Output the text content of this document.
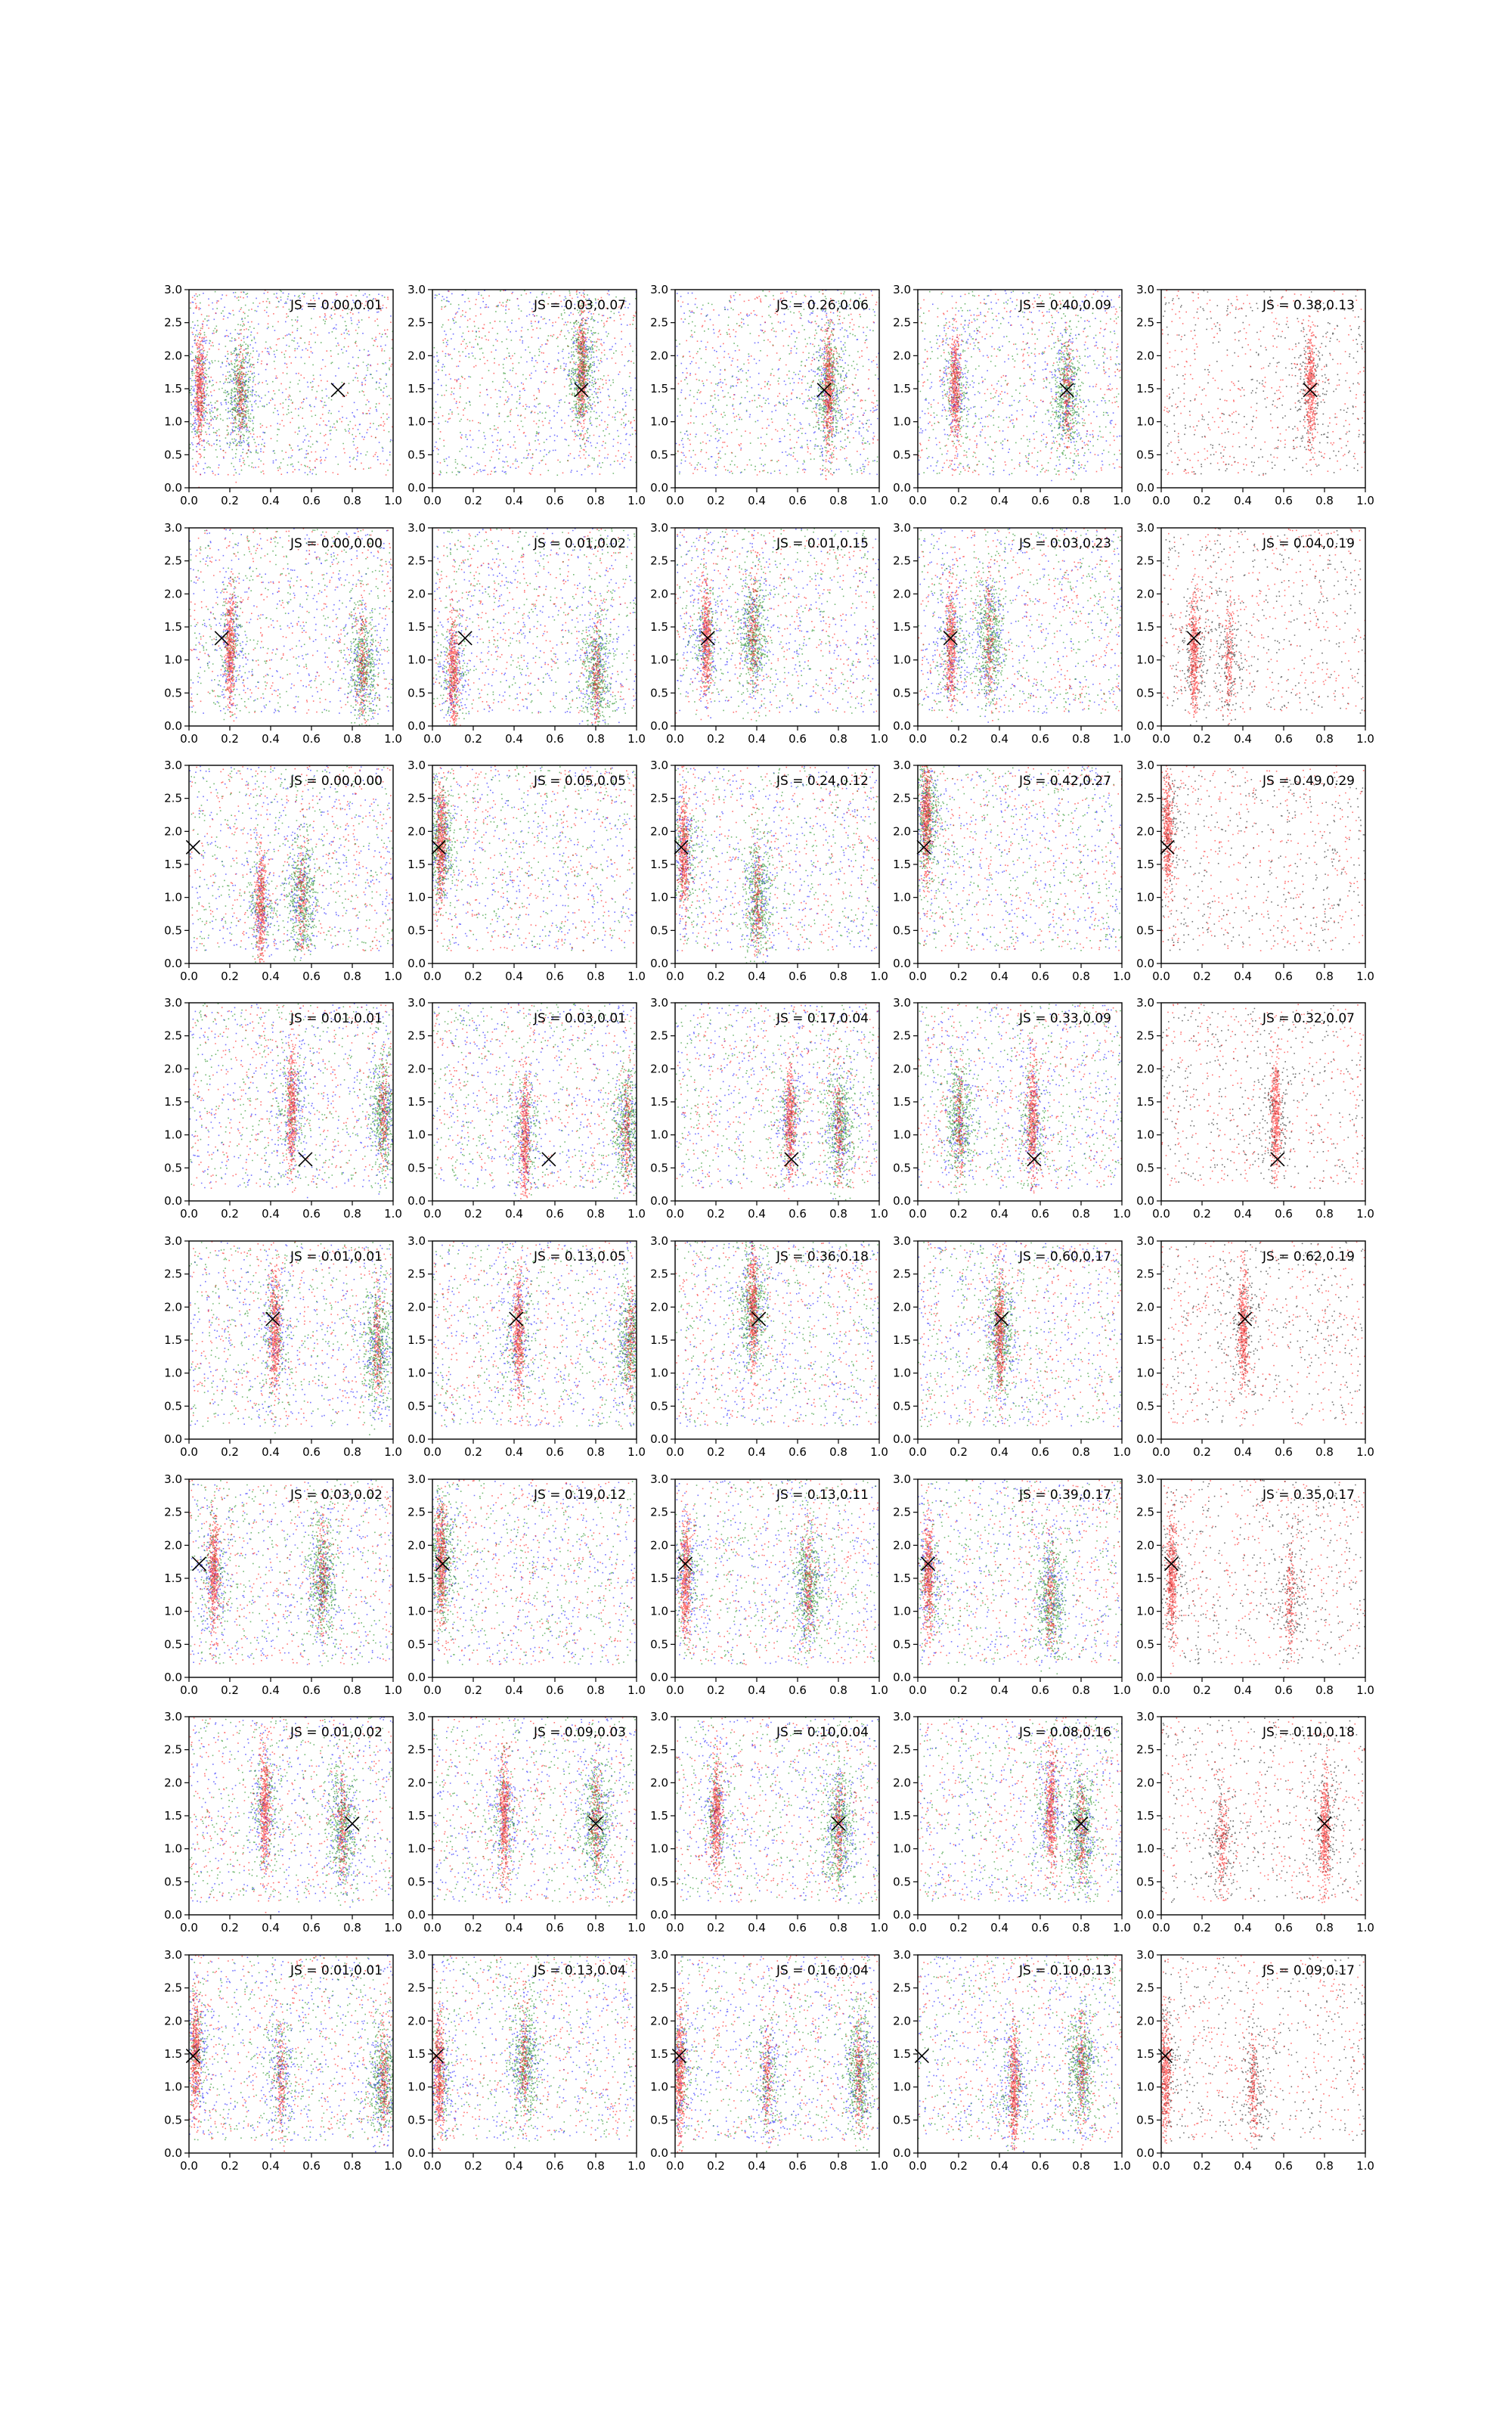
0.0 0.2 0.4 0.6 0.8 1.0
0.0
0.5
1.0
1.5
2.0
2.5
3.0
JS = 0.00,0.01
0.0 0.2 0.4 0.6 0.8 1.0
0.0
0.5
1.0
1.5
2.0
2.5
3.0
JS = 0.03,0.07
0.0 0.2 0.4 0.6 0.8 1.0
0.0
0.5
1.0
1.5
2.0
2.5
3.0
JS = 0.26,0.06
0.0 0.2 0.4 0.6 0.8 1.0
0.0
0.5
1.0
1.5
2.0
2.5
3.0
JS = 0.40,0.09
0.0 0.2 0.4 0.6 0.8 1.0
0.0
0.5
1.0
1.5
2.0
2.5
3.0
JS = 0.38,0.13
0.0 0.2 0.4 0.6 0.8 1.0
0.0
0.5
1.0
1.5
2.0
2.5
3.0
JS = 0.00,0.00
0.0 0.2 0.4 0.6 0.8 1.0
0.0
0.5
1.0
1.5
2.0
2.5
3.0
JS = 0.01,0.02
0.0 0.2 0.4 0.6 0.8 1.0
0.0
0.5
1.0
1.5
2.0
2.5
3.0
JS = 0.01,0.15
0.0 0.2 0.4 0.6 0.8 1.0
0.0
0.5
1.0
1.5
2.0
2.5
3.0
JS = 0.03,0.23
0.0 0.2 0.4 0.6 0.8 1.0
0.0
0.5
1.0
1.5
2.0
2.5
3.0
JS = 0.04,0.19
0.0 0.2 0.4 0.6 0.8 1.0
0.0
0.5
1.0
1.5
2.0
2.5
3.0
JS = 0.00,0.00
0.0 0.2 0.4 0.6 0.8 1.0
0.0
0.5
1.0
1.5
2.0
2.5
3.0
JS = 0.05,0.05
0.0 0.2 0.4 0.6 0.8 1.0
0.0
0.5
1.0
1.5
2.0
2.5
3.0
JS = 0.24,0.12
0.0 0.2 0.4 0.6 0.8 1.0
0.0
0.5
1.0
1.5
2.0
2.5
3.0
JS = 0.42,0.27
0.0 0.2 0.4 0.6 0.8 1.0
0.0
0.5
1.0
1.5
2.0
2.5
3.0
JS = 0.49,0.29
0.0 0.2 0.4 0.6 0.8 1.0
0.0
0.5
1.0
1.5
2.0
2.5
3.0
JS = 0.01,0.01
0.0 0.2 0.4 0.6 0.8 1.0
0.0
0.5
1.0
1.5
2.0
2.5
3.0
JS = 0.03,0.01
0.0 0.2 0.4 0.6 0.8 1.0
0.0
0.5
1.0
1.5
2.0
2.5
3.0
JS = 0.17,0.04
0.0 0.2 0.4 0.6 0.8 1.0
0.0
0.5
1.0
1.5
2.0
2.5
3.0
JS = 0.33,0.09
0.0 0.2 0.4 0.6 0.8 1.0
0.0
0.5
1.0
1.5
2.0
2.5
3.0
JS = 0.32,0.07
0.0 0.2 0.4 0.6 0.8 1.0
0.0
0.5
1.0
1.5
2.0
2.5
3.0
JS = 0.01,0.01
0.0 0.2 0.4 0.6 0.8 1.0
0.0
0.5
1.0
1.5
2.0
2.5
3.0
JS = 0.13,0.05
0.0 0.2 0.4 0.6 0.8 1.0
0.0
0.5
1.0
1.5
2.0
2.5
3.0
JS = 0.36,0.18
0.0 0.2 0.4 0.6 0.8 1.0
0.0
0.5
1.0
1.5
2.0
2.5
3.0
JS = 0.60,0.17
0.0 0.2 0.4 0.6 0.8 1.0
0.0
0.5
1.0
1.5
2.0
2.5
3.0
JS = 0.62,0.19
0.0 0.2 0.4 0.6 0.8 1.0
0.0
0.5
1.0
1.5
2.0
2.5
3.0
JS = 0.03,0.02
0.0 0.2 0.4 0.6 0.8 1.0
0.0
0.5
1.0
1.5
2.0
2.5
3.0
JS = 0.19,0.12
0.0 0.2 0.4 0.6 0.8 1.0
0.0
0.5
1.0
1.5
2.0
2.5
3.0
JS = 0.13,0.11
0.0 0.2 0.4 0.6 0.8 1.0
0.0
0.5
1.0
1.5
2.0
2.5
3.0
JS = 0.39,0.17
0.0 0.2 0.4 0.6 0.8 1.0
0.0
0.5
1.0
1.5
2.0
2.5
3.0
JS = 0.35,0.17
0.0 0.2 0.4 0.6 0.8 1.0
0.0
0.5
1.0
1.5
2.0
2.5
3.0
JS = 0.01,0.02
0.0 0.2 0.4 0.6 0.8 1.0
0.0
0.5
1.0
1.5
2.0
2.5
3.0
JS = 0.09,0.03
0.0 0.2 0.4 0.6 0.8 1.0
0.0
0.5
1.0
1.5
2.0
2.5
3.0
JS = 0.10,0.04
0.0 0.2 0.4 0.6 0.8 1.0
0.0
0.5
1.0
1.5
2.0
2.5
3.0
JS = 0.08,0.16
0.0 0.2 0.4 0.6 0.8 1.0
0.0
0.5
1.0
1.5
2.0
2.5
3.0
JS = 0.10,0.18
0.0 0.2 0.4 0.6 0.8 1.0
0.0
0.5
1.0
1.5
2.0
2.5
3.0
JS = 0.01,0.01
0.0 0.2 0.4 0.6 0.8 1.0
0.0
0.5
1.0
1.5
2.0
2.5
3.0
JS = 0.13,0.04
0.0 0.2 0.4 0.6 0.8 1.0
0.0
0.5
1.0
1.5
2.0
2.5
3.0
JS = 0.16,0.04
0.0 0.2 0.4 0.6 0.8 1.0
0.0
0.5
1.0
1.5
2.0
2.5
3.0
JS = 0.10,0.13
0.0 0.2 0.4 0.6 0.8 1.0
0.0
0.5
1.0
1.5
2.0
2.5
3.0
JS = 0.09,0.17
